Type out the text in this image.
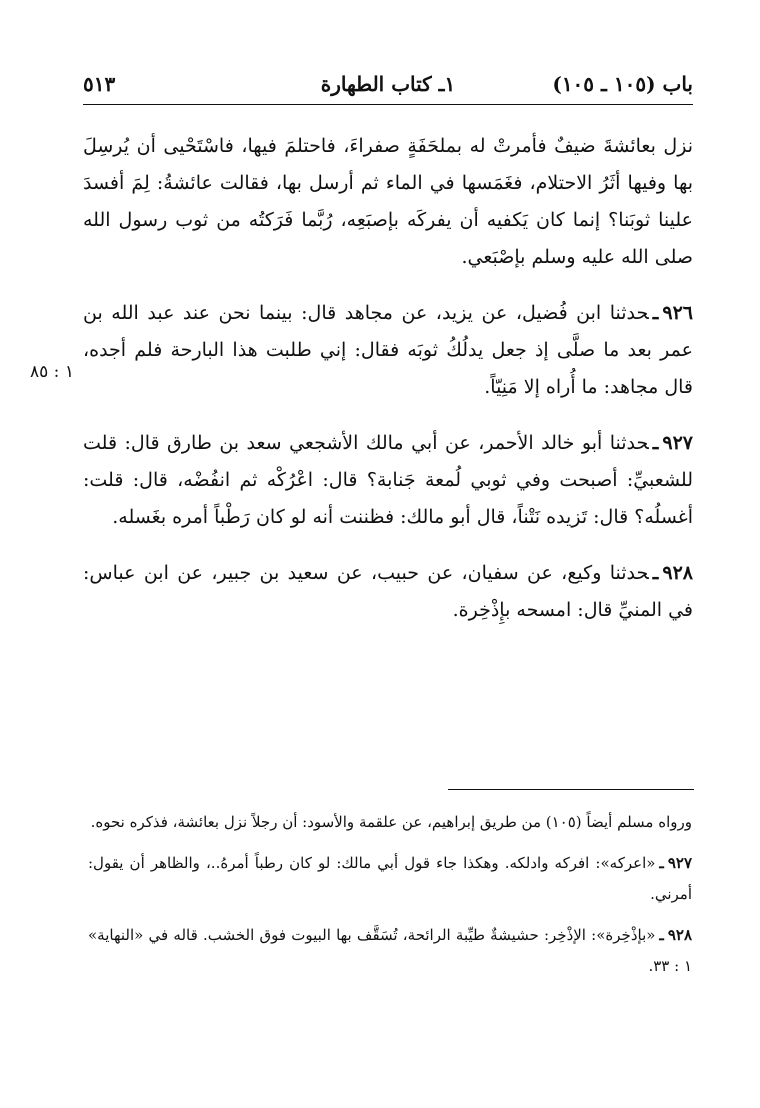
باب (١٠٥ ـ ١٠٥)
١ـ كتاب الطهارة
٥١٣
١ : ٨٥

نزل بعائشةَ ضيفٌ فأمرتْ له بملحَفَةٍ صفراءَ، فاحتلمَ فيها، فاسْتَحْيى أن يُرسِلَ بها وفيها أثَرُ الاحتلام، فغَمَسها في الماء ثم أرسل بها، فقالت عائشةُ: لِمَ أفسدَ علينا ثوبَنا؟ إنما كان يَكفيه أن يفركَه بإصبَعِه، رُبَّما فَرَكتُه من ثوب رسول الله صلى الله عليه وسلم بإصْبَعي.

٩٢٦ـحدثنا ابن فُضيل، عن يزيد، عن مجاهد قال: بينما نحن عند عبد الله بن عمر بعد ما صلَّى إذ جعل يدلُكُ ثوبَه فقال: إني طلبت هذا البارحة فلم أجده، قال مجاهد: ما أُراه إلا مَنِيّاً.

٩٢٧ـحدثنا أبو خالد الأحمر، عن أبي مالك الأشجعي سعد بن طارق قال: قلت للشعبيِّ: أصبحت وفي ثوبي لُمعة جَنابة؟ قال: اعْرُكْه ثم انفُضْه، قال: قلت: أغسلُه؟ قال: تَزيده نَتْناً، قال أبو مالك: فظننت أنه لو كان رَطْباً أمره بغَسله.

٩٢٨ـحدثنا وكيع، عن سفيان، عن حبيب، عن سعيد بن جبير، عن ابن عباس: في المنيِّ قال: امسحه بإِذْخِرة.

ورواه مسلم أيضاً (١٠٥) من طريق إبراهيم، عن علقمة والأسود: أن رجلاً نزل بعائشة، فذكره نحوه.

٩٢٧ـ«اعركه»: افركه وادلكه. وهكذا جاء قول أبي مالك: لو كان رطباً أمرهُ..، والظاهر أن يقول: أمرني.

٩٢٨ـ«بإذْخِرة»: الإذْخِر: حشيشةٌ طيِّبة الرائحة، تُسَقَّف بها البيوت فوق الخشب. قاله في «النهاية» ١ : ٣٣.
